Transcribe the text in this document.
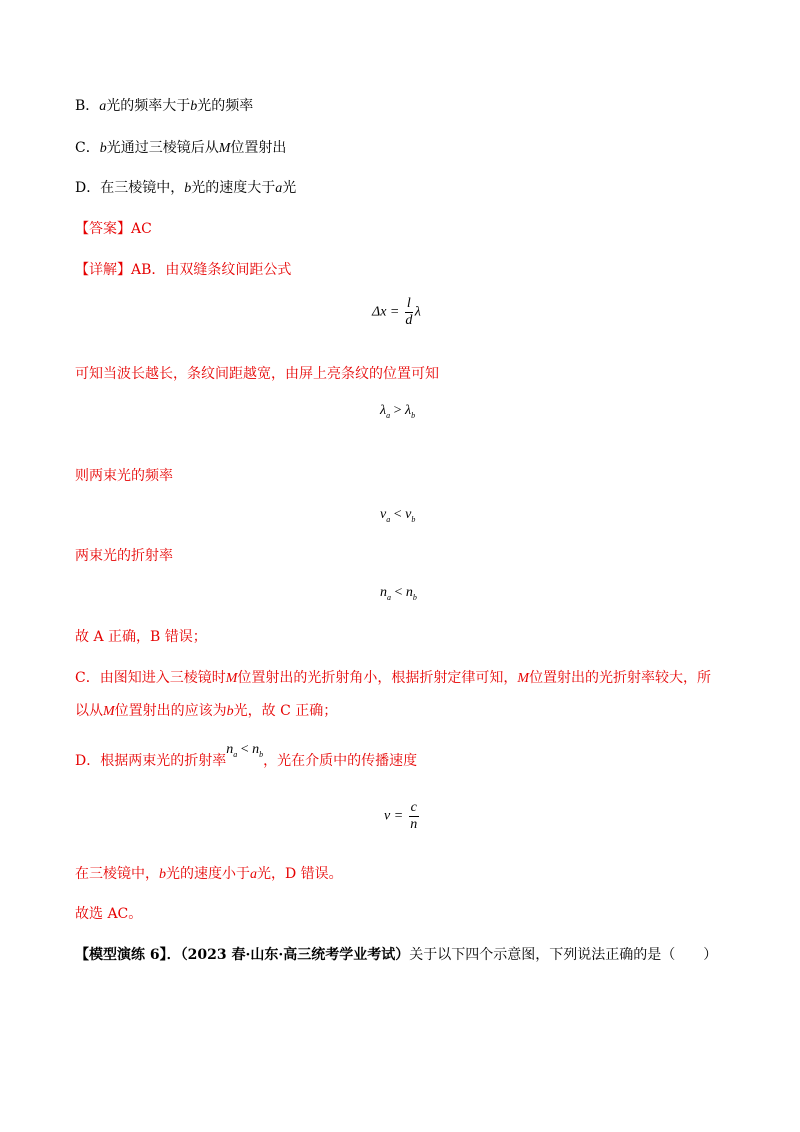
B．a光的频率大于b光的频率
C．b光通过三棱镜后从M位置射出
D．在三棱镜中，b光的速度大于a光
【答案】AC
【详解】AB．由双缝条纹间距公式
$\Delta x = \frac{l}{d}$ λ
可知当波长越长，条纹间距越宽，由屏上亮条纹的位置可知
$\lambda_a > \lambda_b$
则两束光的频率
$\nu_a < \nu_b$
两束光的折射率
$n_a < n_b$
故 A 正确，B 错误；
C．由图知进入三棱镜时M位置射出的光折射角小，根据折射定律可知，M位置射出的光折射率较大，所
以从M位置射出的应该为b光，故 C 正确；
D．根据两束光的折射率$n_a < n_b$，光在介质中的传播速度
$v = \frac{c}{n}$
在三棱镜中，b光的速度小于a光，D 错误。
故选 AC。
【模型演练 6】．（2023 春·山东·高三统考学业考试）关于以下四个示意图，下列说法正确的是（　　）
